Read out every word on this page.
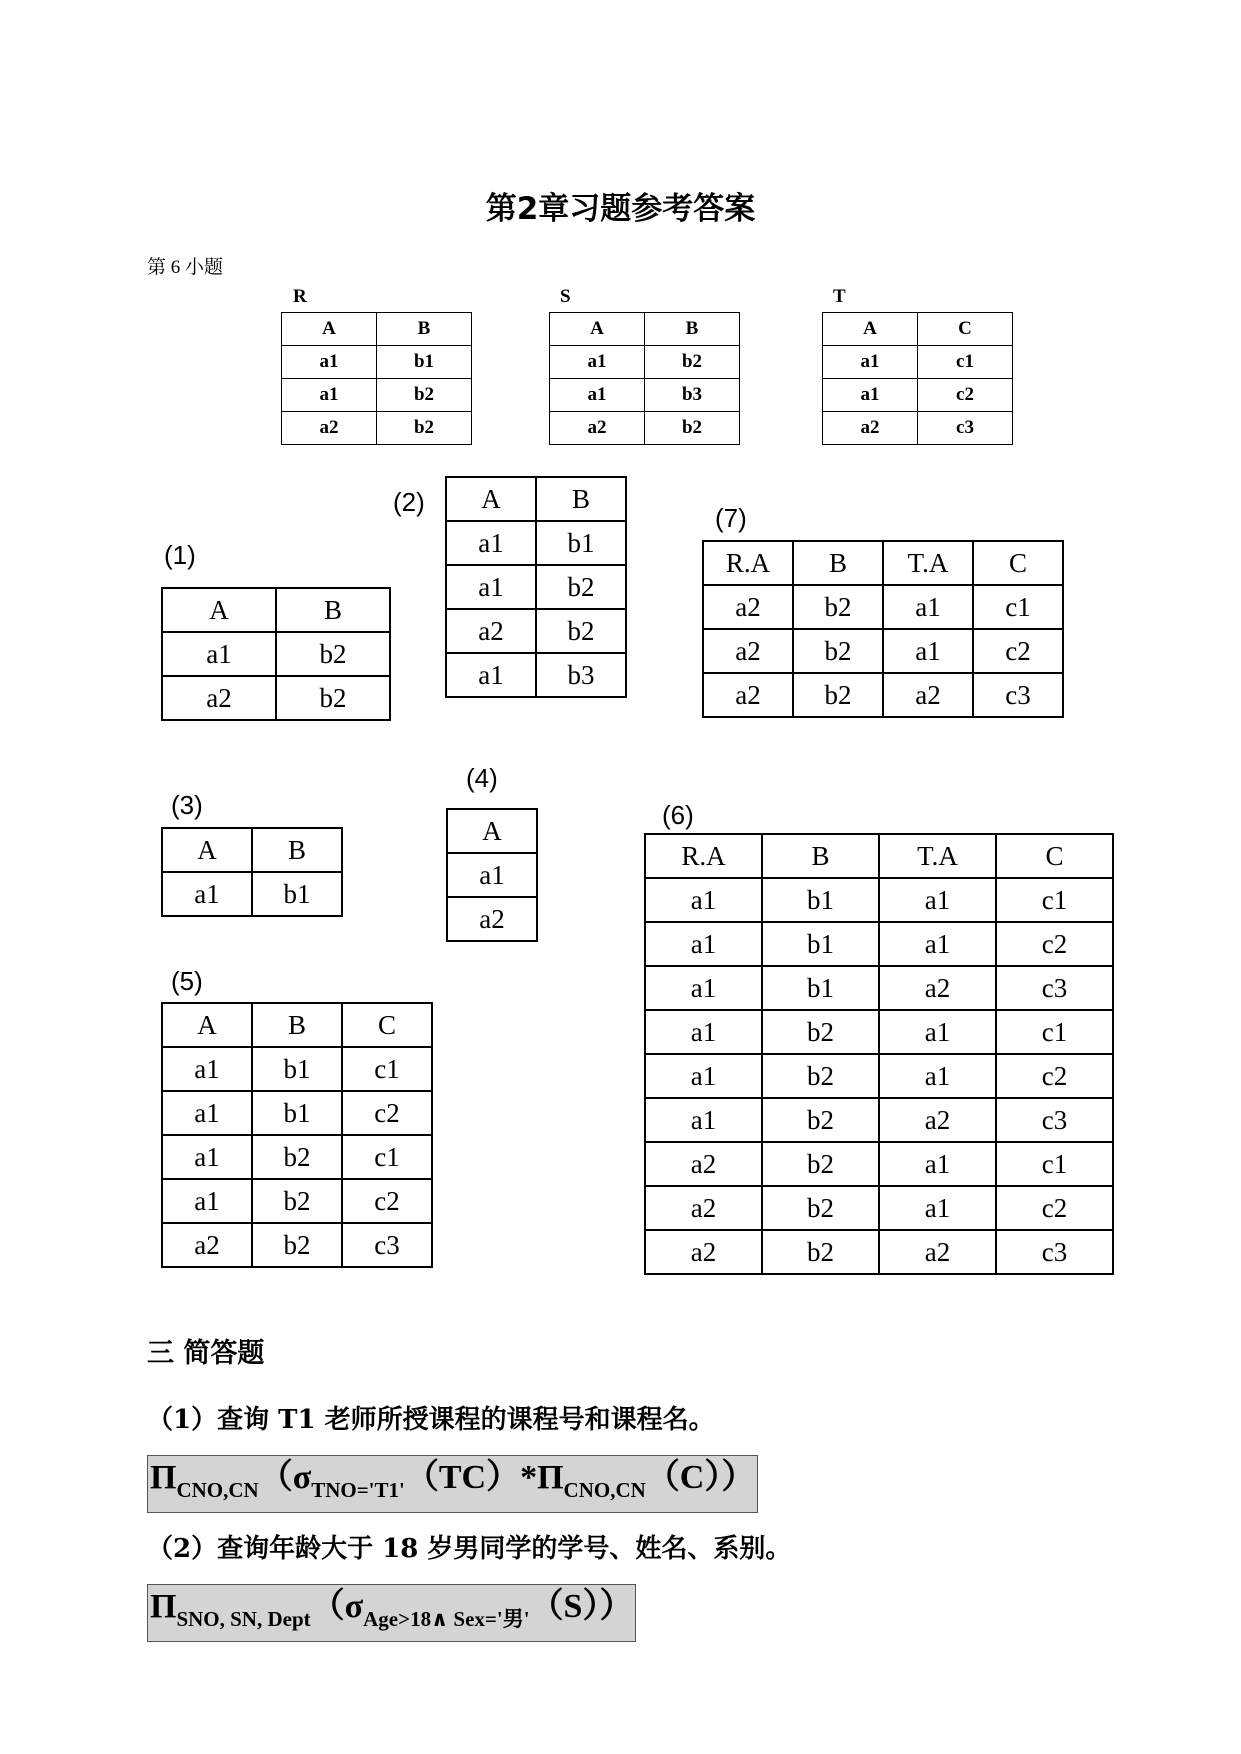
第2章习题参考答案
第 6 小题
R	S	T
A	B
a1	b1
a1	b2
a2	b2
A	B
a1	b2
a1	b3
a2	b2
A	C
a1	c1
a1	c2
a2	c3
(1)
(2)
(3)
(4)
(5)
(6)
(7)
A	B
a1	b2
a2	b2
A	B
a1	b1
a1	b2
a2	b2
a1	b3
A	B
a1	b1
A
a1
a2
A	B	C
a1	b1	c1
a1	b1	c2
a1	b2	c1
a1	b2	c2
a2	b2	c3
R.A	B	T.A	C
a1	b1	a1	c1
a1	b1	a1	c2
a1	b1	a2	c3
a1	b2	a1	c1
a1	b2	a1	c2
a1	b2	a2	c3
a2	b2	a1	c1
a2	b2	a1	c2
a2	b2	a2	c3
R.A	B	T.A	C
a2	b2	a1	c1
a2	b2	a1	c2
a2	b2	a2	c3
三 简答题
（1）查询 T1 老师所授课程的课程号和课程名。
$\Pi_{CNO,CN}(\sigma_{TNO='T1'}(TC)*\Pi_{CNO,CN}(C))$
（2）查询年龄大于 18 岁男同学的学号、姓名、系别。
$\Pi_{SNO, SN, Dept}(\sigma_{Age>18\wedge Sex='男'}(S))$
